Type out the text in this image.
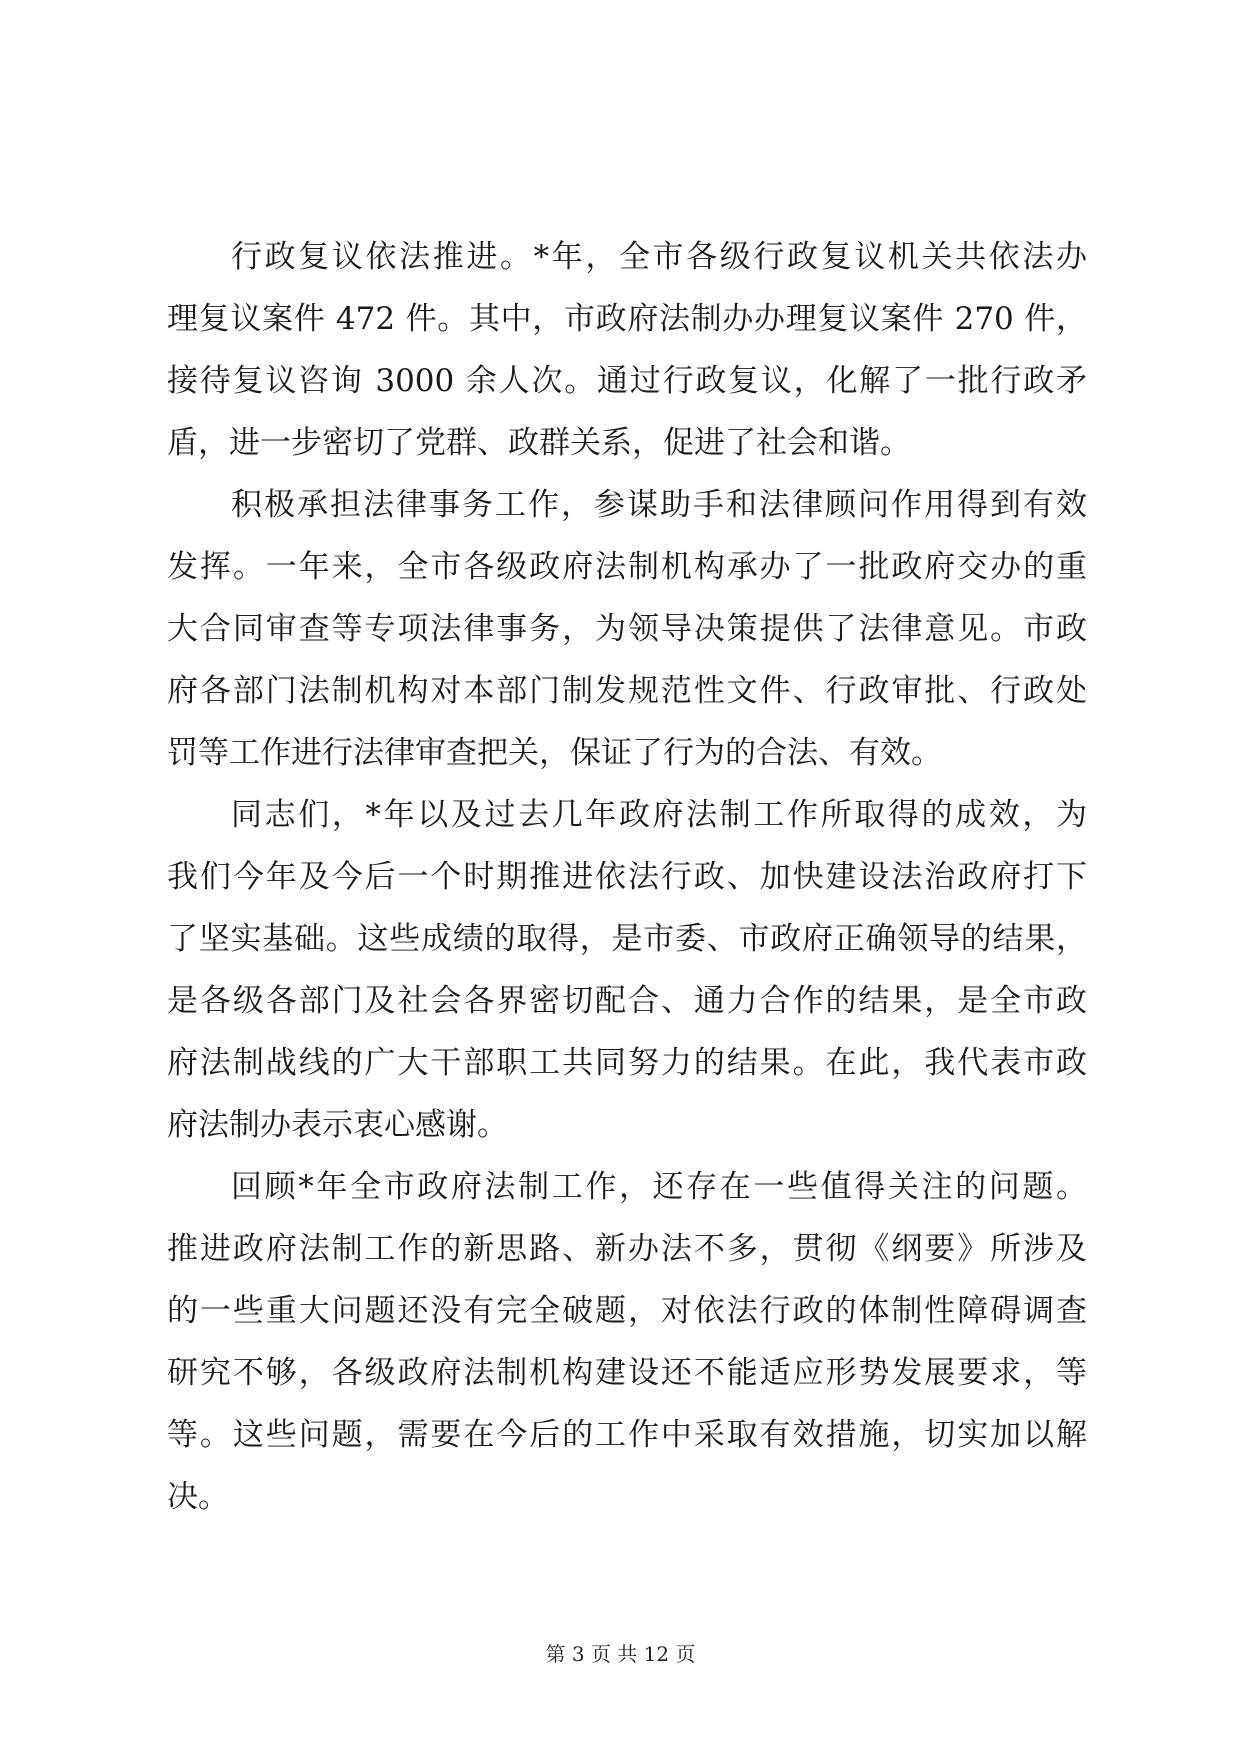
行政复议依法推进。*年，全市各级行政复议机关共依法办
理复议案件 472 件。其中，市政府法制办办理复议案件 270 件，
接待复议咨询 3000 余人次。通过行政复议，化解了一批行政矛
盾，进一步密切了党群、政群关系，促进了社会和谐。
积极承担法律事务工作，参谋助手和法律顾问作用得到有效
发挥。一年来，全市各级政府法制机构承办了一批政府交办的重
大合同审查等专项法律事务，为领导决策提供了法律意见。市政
府各部门法制机构对本部门制发规范性文件、行政审批、行政处
罚等工作进行法律审查把关，保证了行为的合法、有效。
同志们，*年以及过去几年政府法制工作所取得的成效，为
我们今年及今后一个时期推进依法行政、加快建设法治政府打下
了坚实基础。这些成绩的取得，是市委、市政府正确领导的结果，
是各级各部门及社会各界密切配合、通力合作的结果，是全市政
府法制战线的广大干部职工共同努力的结果。在此，我代表市政
府法制办表示衷心感谢。
回顾*年全市政府法制工作，还存在一些值得关注的问题。
推进政府法制工作的新思路、新办法不多，贯彻《纲要》所涉及
的一些重大问题还没有完全破题，对依法行政的体制性障碍调查
研究不够，各级政府法制机构建设还不能适应形势发展要求，等
等。这些问题，需要在今后的工作中采取有效措施，切实加以解
决。
第 3 页 共 12 页
